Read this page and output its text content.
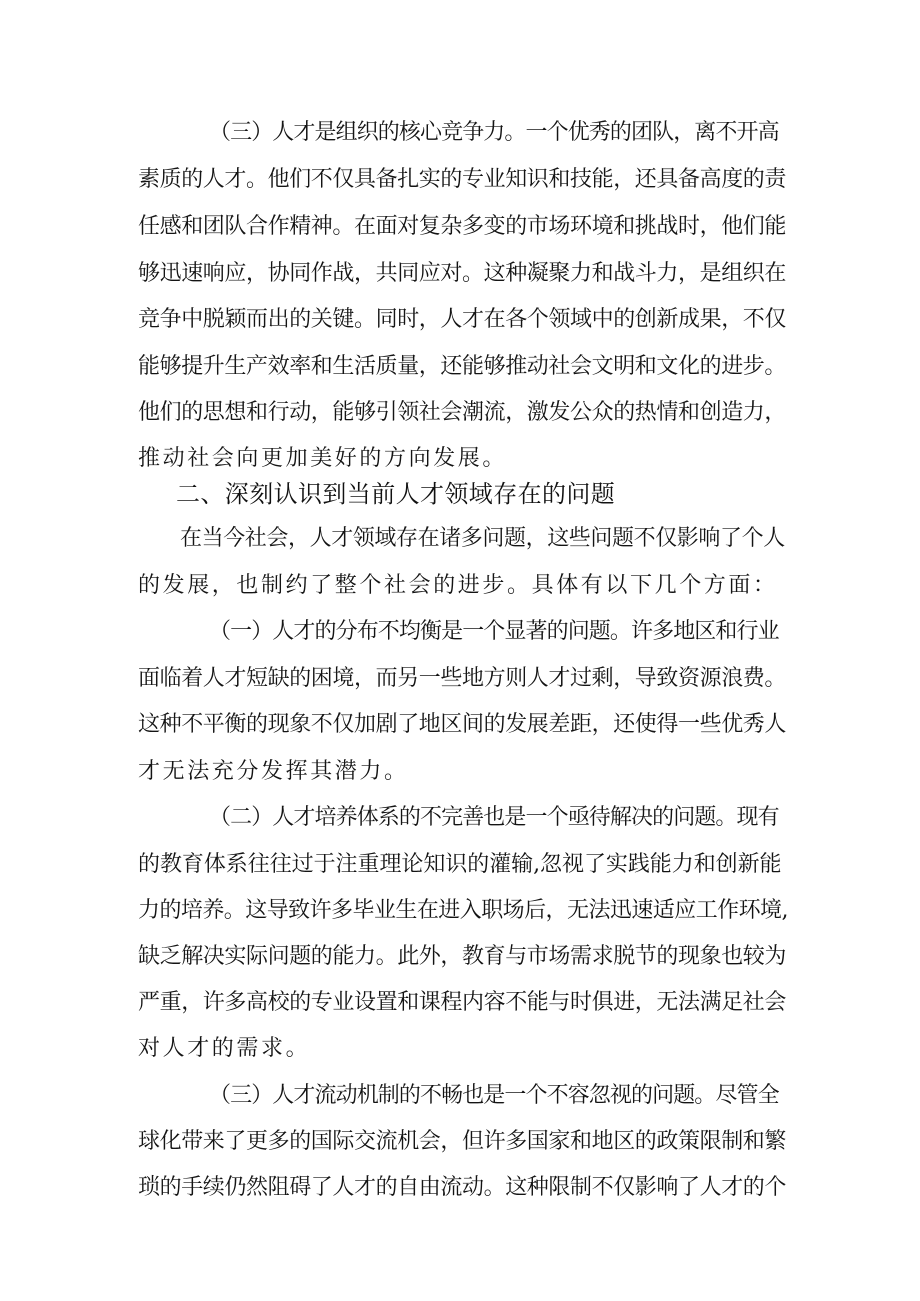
（三）人才是组织的核心竞争力。一个优秀的团队，离不开高
素质的人才。他们不仅具备扎实的专业知识和技能，还具备高度的责
任感和团队合作精神。在面对复杂多变的市场环境和挑战时，他们能
够迅速响应，协同作战，共同应对。这种凝聚力和战斗力，是组织在
竞争中脱颖而出的关键。同时，人才在各个领域中的创新成果，不仅
能够提升生产效率和生活质量，还能够推动社会文明和文化的进步。
他们的思想和行动，能够引领社会潮流，激发公众的热情和创造力，
推动社会向更加美好的方向发展。
二、深刻认识到当前人才领域存在的问题
在当今社会，人才领域存在诸多问题，这些问题不仅影响了个人
的发展，也制约了整个社会的进步。具体有以下几个方面：
（一）人才的分布不均衡是一个显著的问题。许多地区和行业
面临着人才短缺的困境，而另一些地方则人才过剩，导致资源浪费。
这种不平衡的现象不仅加剧了地区间的发展差距，还使得一些优秀人
才无法充分发挥其潜力。
（二）人才培养体系的不完善也是一个亟待解决的问题。现有
的教育体系往往过于注重理论知识的灌输,忽视了实践能力和创新能
力的培养。这导致许多毕业生在进入职场后，无法迅速适应工作环境,
缺乏解决实际问题的能力。此外，教育与市场需求脱节的现象也较为
严重，许多高校的专业设置和课程内容不能与时俱进，无法满足社会
对人才的需求。
（三）人才流动机制的不畅也是一个不容忽视的问题。尽管全
球化带来了更多的国际交流机会，但许多国家和地区的政策限制和繁
琐的手续仍然阻碍了人才的自由流动。这种限制不仅影响了人才的个
